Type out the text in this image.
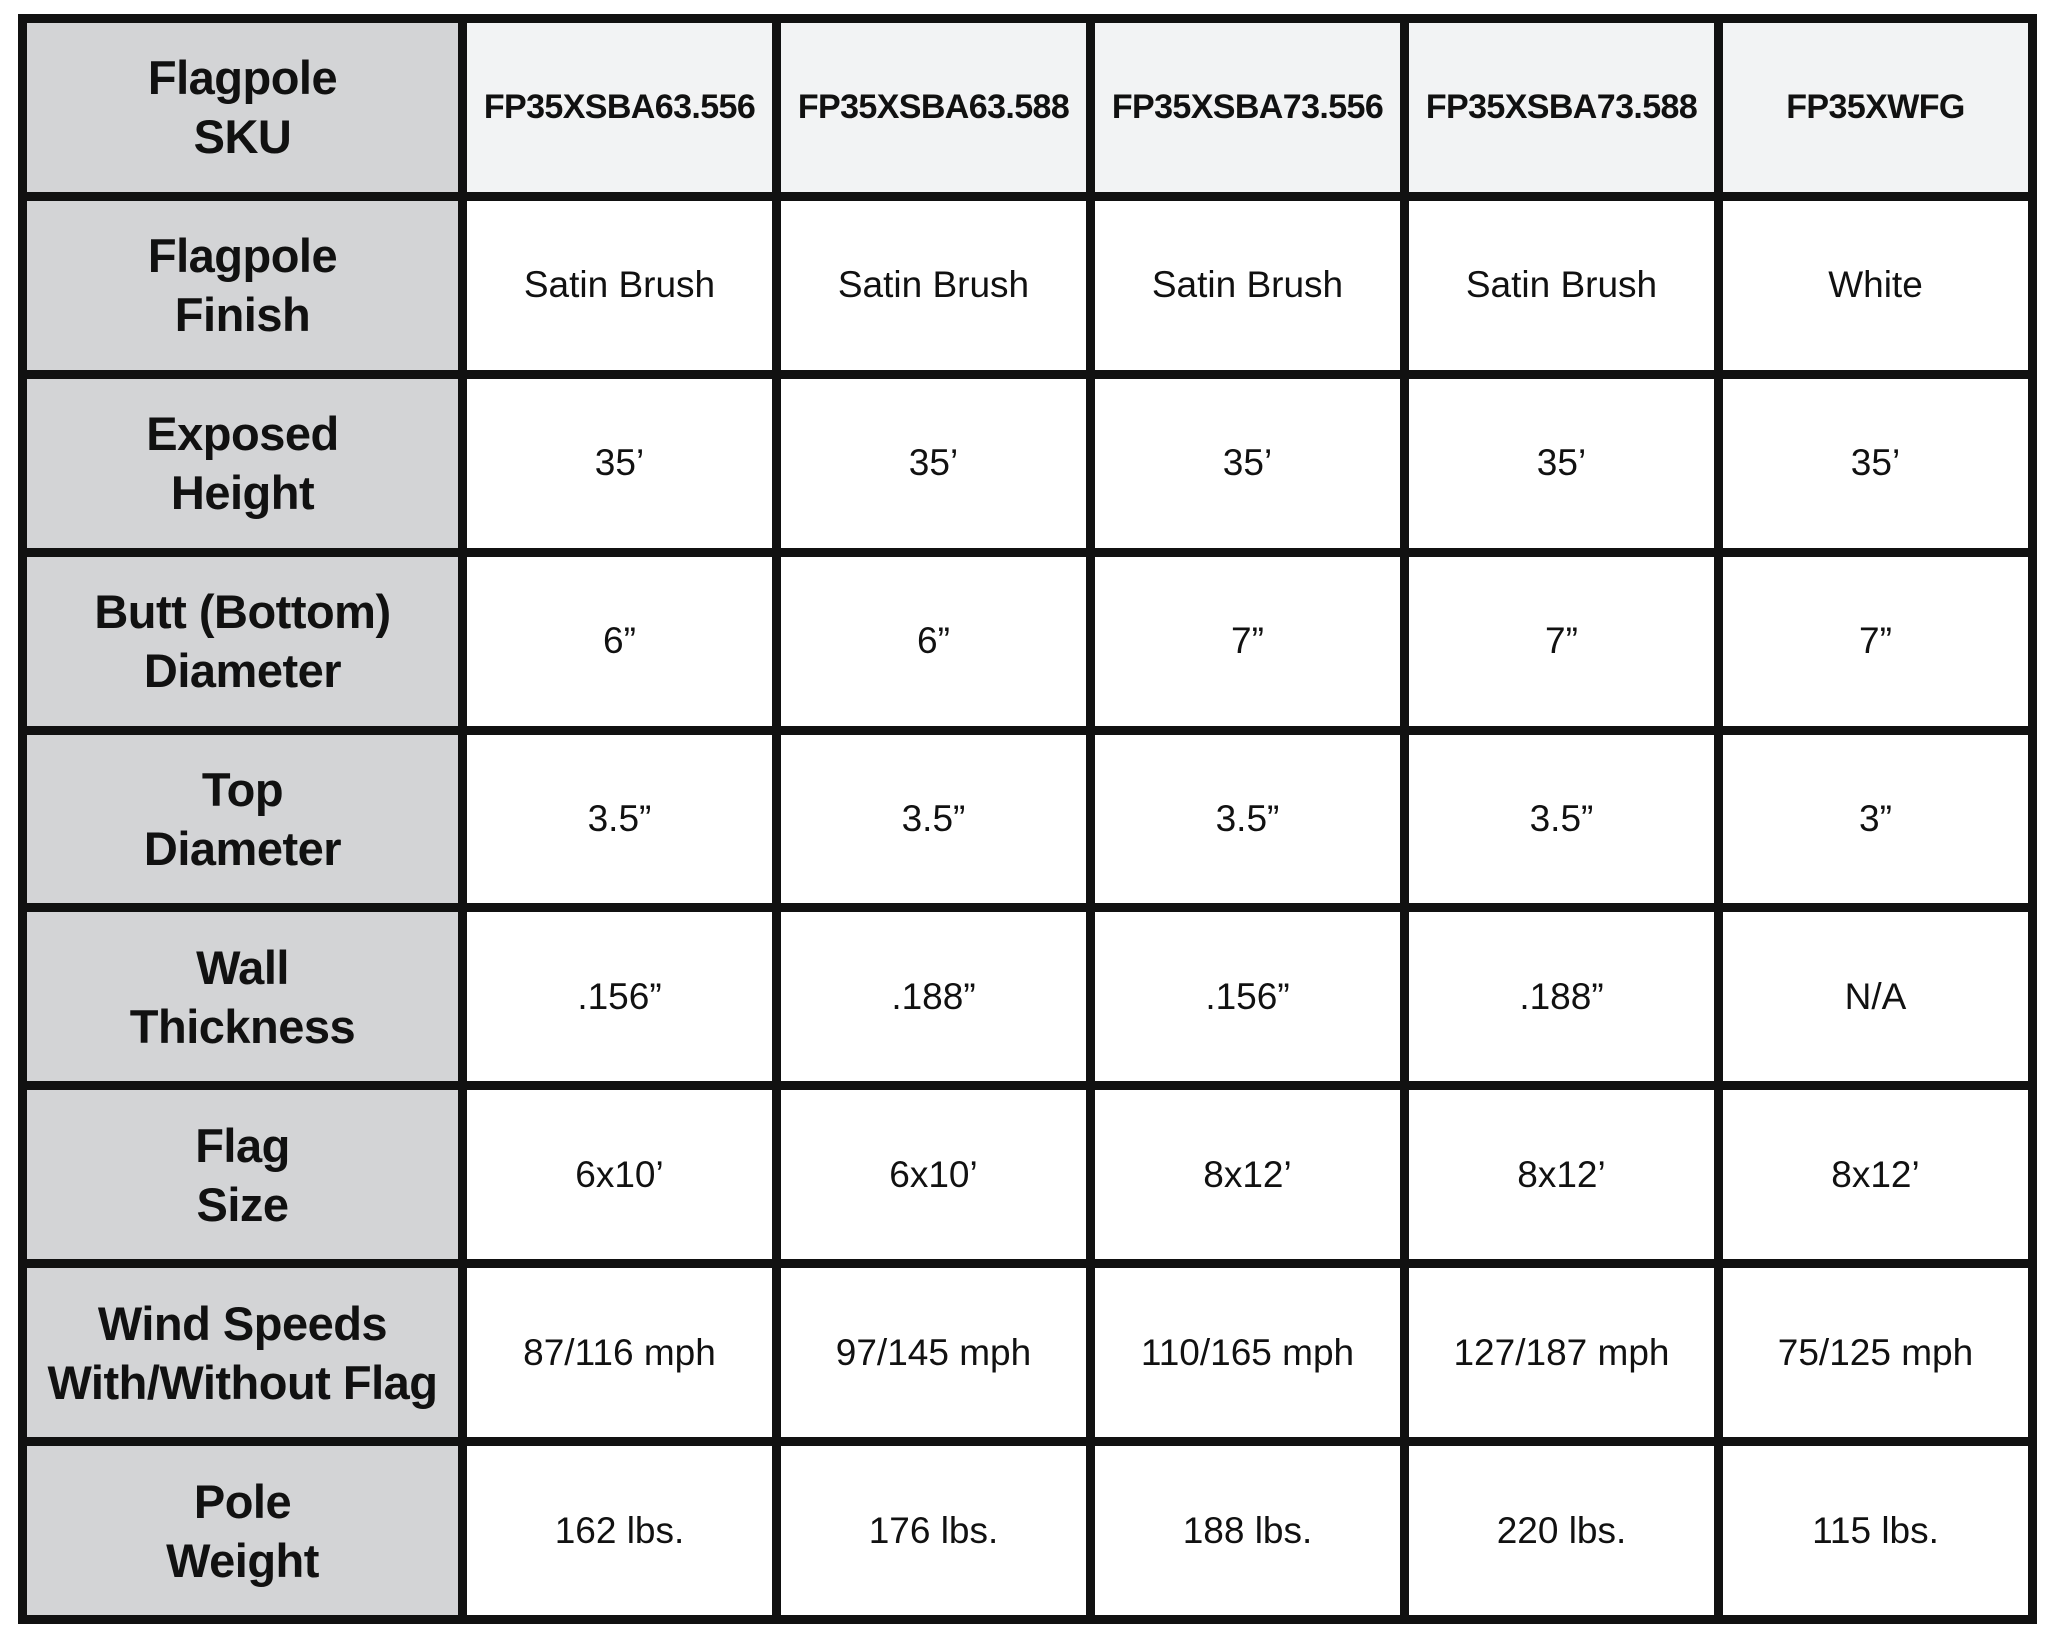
Flagpole
SKU	FP35XSBA63.556	FP35XSBA63.588	FP35XSBA73.556	FP35XSBA73.588	FP35XWFG

Flagpole
Finish	Satin Brush	Satin Brush	Satin Brush	Satin Brush	White

Exposed
Height	35’	35’	35’	35’	35’

Butt (Bottom)
Diameter	6”	6”	7”	7”	7”

Top
Diameter	3.5”	3.5”	3.5”	3.5”	3”

Wall
Thickness	.156”	.188”	.156”	.188”	N/A

Flag
Size	6x10’	6x10’	8x12’	8x12’	8x12’

Wind Speeds
With/Without Flag	87/116 mph	97/145 mph	110/165 mph	127/187 mph	75/125 mph

Pole
Weight	162 lbs.	176 lbs.	188 lbs.	220 lbs.	115 lbs.
